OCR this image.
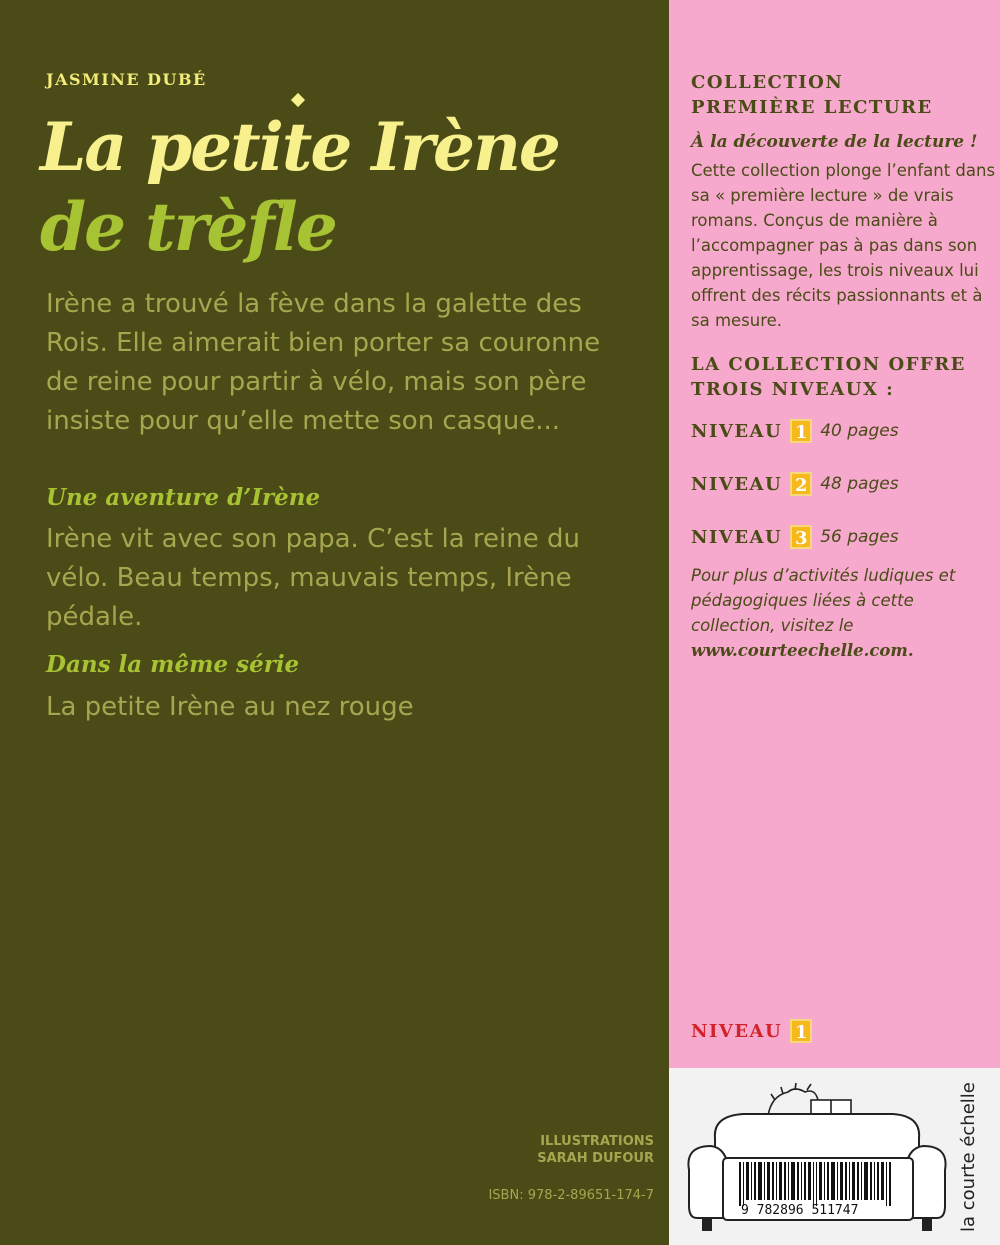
JASMINE DUBÉ
La petite Irène
de trèfle
Irène a trouvé la fève dans la galette des Rois. Elle aimerait bien porter sa couronne de reine pour partir à vélo, mais son père insiste pour qu’elle mette son casque...
Une aventure d’Irène
Irène vit avec son papa. C’est la reine du vélo. Beau temps, mauvais temps, Irène pédale.
Dans la même série
La petite Irène au nez rouge
ILLUSTRATIONS
SARAH DUFOUR
ISBN: 978-2-89651-174-7
COLLECTION
PREMIÈRE LECTURE
À la découverte de la lecture !
Cette collection plonge l’enfant dans sa « première lecture » de vrais romans. Conçus de manière à l’accompagner pas à pas dans son apprentissage, les trois niveaux lui offrent des récits passionnants et à sa mesure.
LA COLLECTION OFFRE
TROIS NIVEAUX :
NIVEAU 1 40 pages
NIVEAU 2 48 pages
NIVEAU 3 56 pages
Pour plus d’activités ludiques et pédagogiques liées à cette collection, visitez le www.courteechelle.com.
NIVEAU 1
9 782896 511747	la courte échelle
